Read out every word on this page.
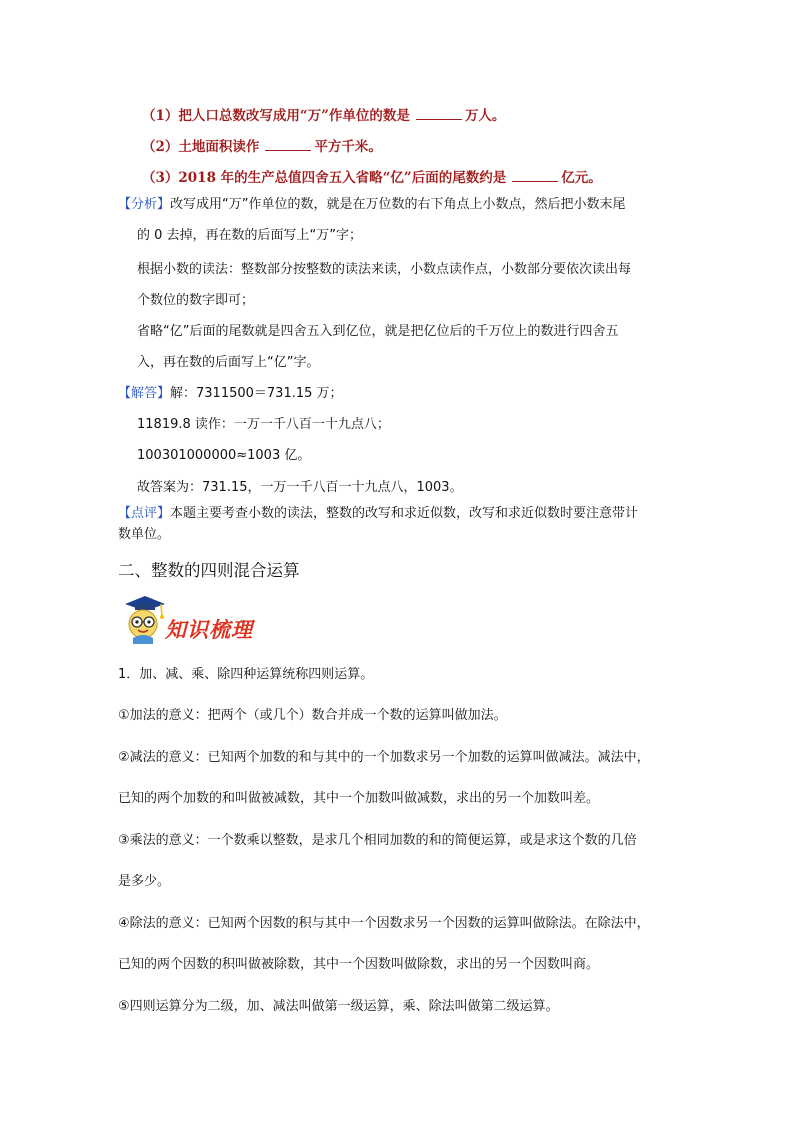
（1）把人口总数改写成用“万”作单位的数是	万人。
（2）土地面积读作	平方千米。
（3）2018 年的生产总值四舍五入省略“亿”后面的尾数约是	亿元。
【分析】改写成用“万”作单位的数，就是在万位数的右下角点上小数点，然后把小数末尾
的 0 去掉，再在数的后面写上“万”字；
根据小数的读法：整数部分按整数的读法来读，小数点读作点，小数部分要依次读出每
个数位的数字即可；
省略“亿”后面的尾数就是四舍五入到亿位，就是把亿位后的千万位上的数进行四舍五
入，再在数的后面写上“亿”字。
【解答】解：7311500＝731.15 万；
11819.8 读作：一万一千八百一十九点八；
100301000000≈1003 亿。
故答案为：731.15，一万一千八百一十九点八，1003。
【点评】本题主要考查小数的读法，整数的改写和求近似数，改写和求近似数时要注意带计
数单位。
二、整数的四则混合运算
知识梳理
1．加、减、乘、除四种运算统称四则运算。
①加法的意义：把两个（或几个）数合并成一个数的运算叫做加法。
②减法的意义：已知两个加数的和与其中的一个加数求另一个加数的运算叫做减法。减法中，
已知的两个加数的和叫做被减数，其中一个加数叫做减数，求出的另一个加数叫差。
③乘法的意义：一个数乘以整数，是求几个相同加数的和的简便运算，或是求这个数的几倍
是多少。
④除法的意义：已知两个因数的积与其中一个因数求另一个因数的运算叫做除法。在除法中，
已知的两个因数的积叫做被除数，其中一个因数叫做除数，求出的另一个因数叫商。
⑤四则运算分为二级，加、减法叫做第一级运算，乘、除法叫做第二级运算。
